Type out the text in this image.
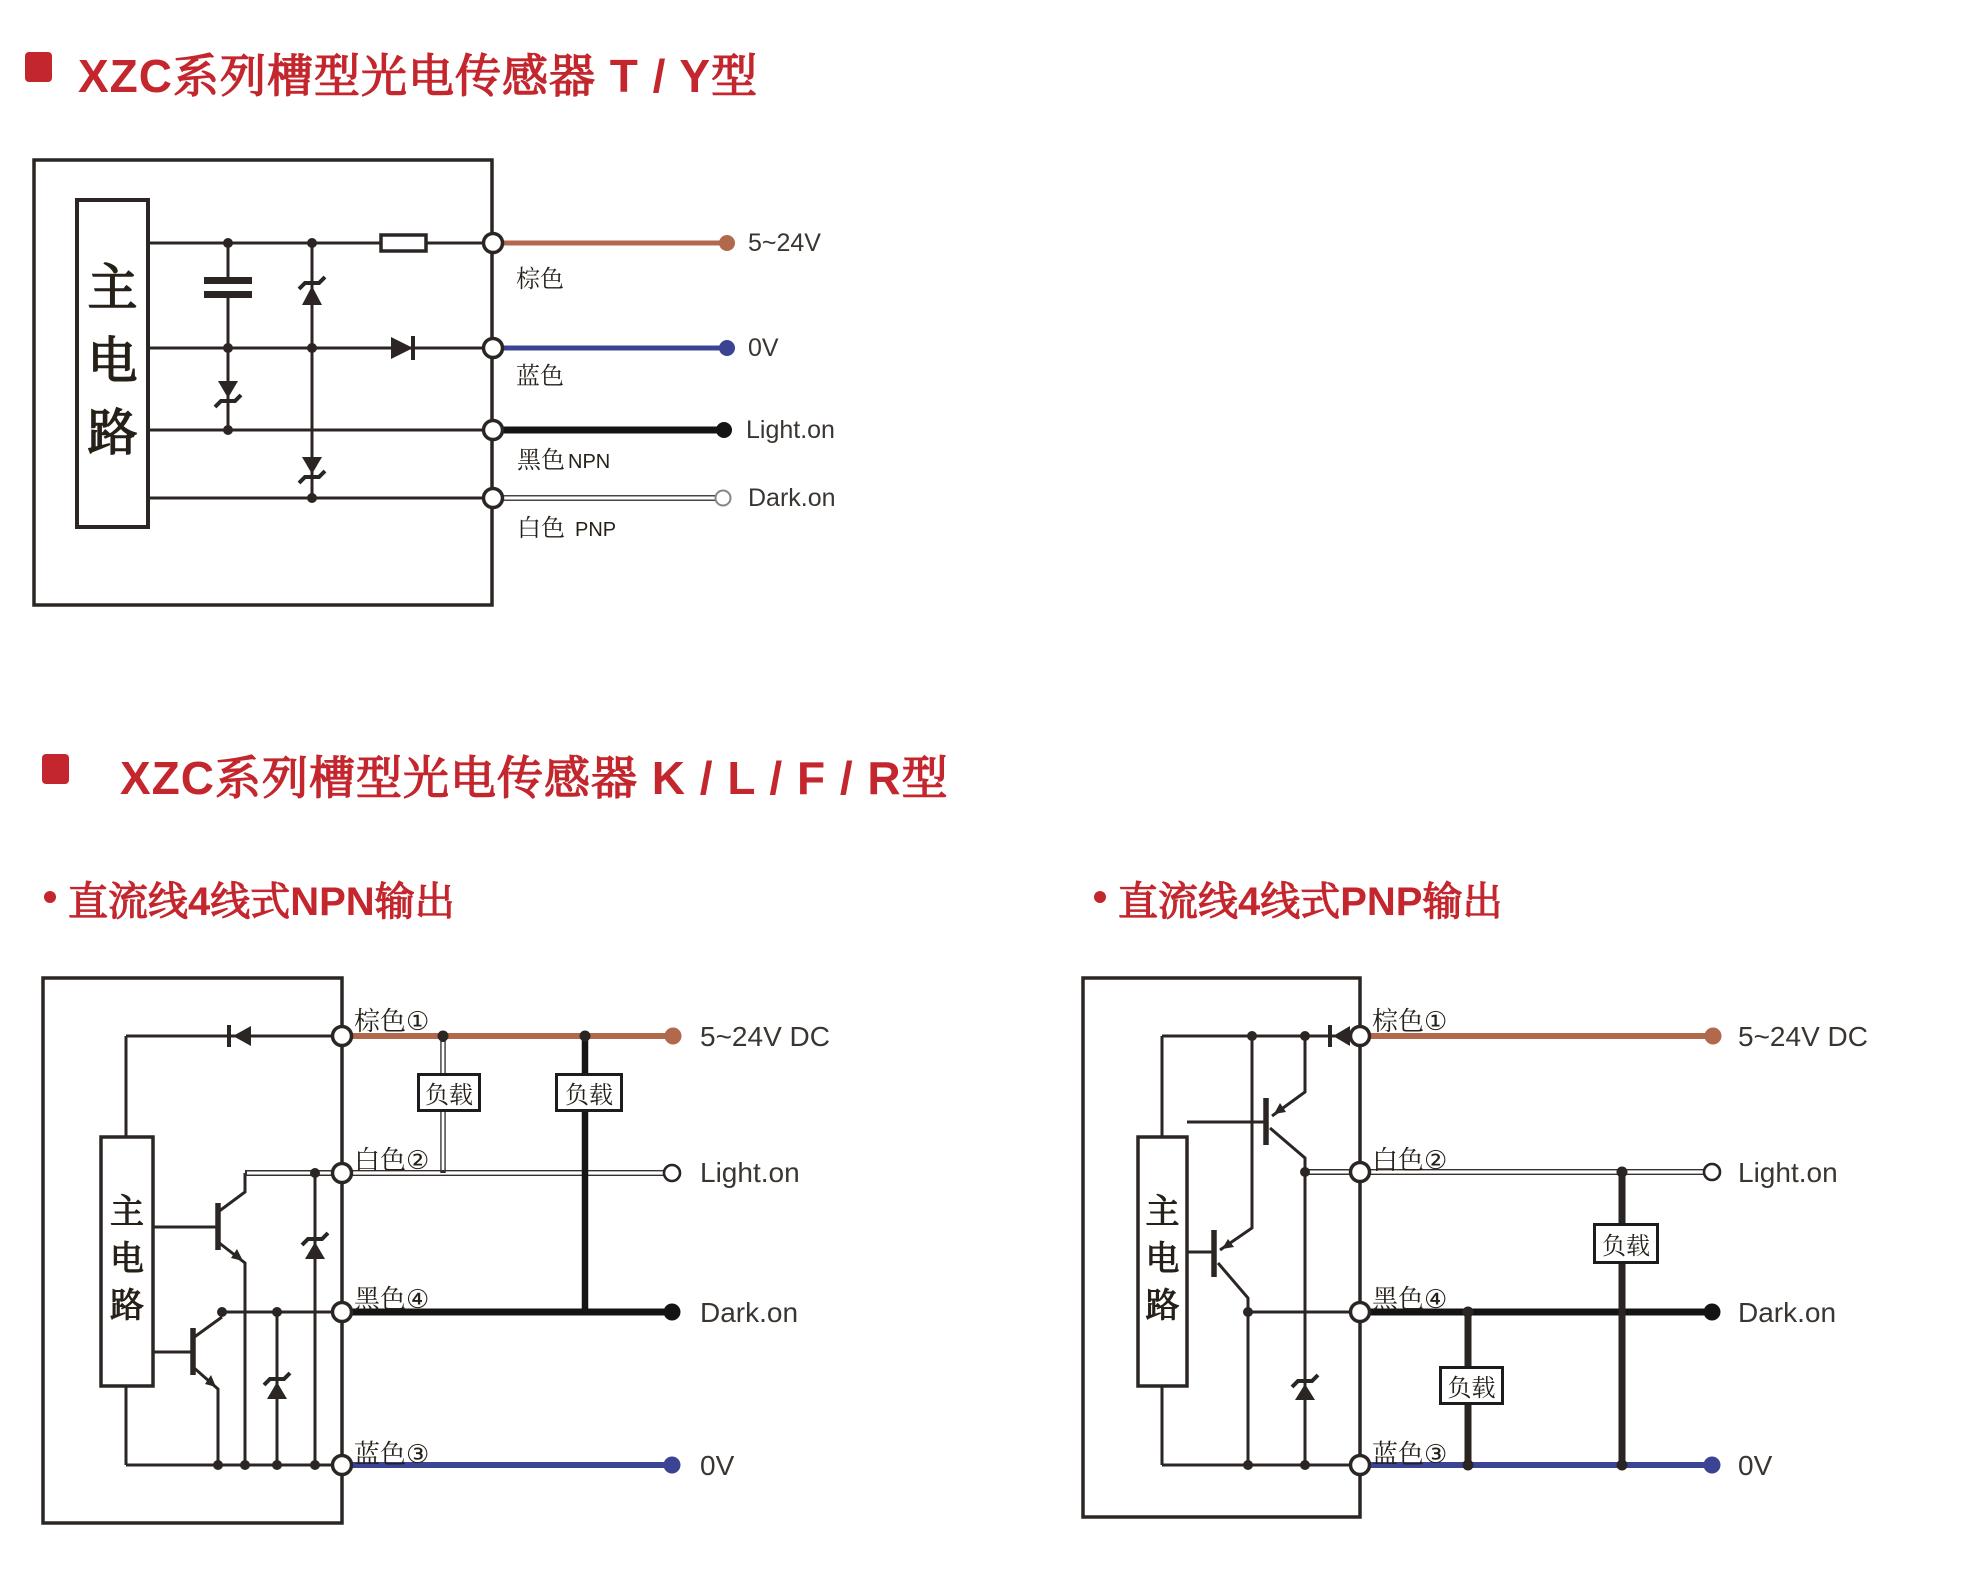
XZC系列槽型光电传感器 T / Y型
XZC系列槽型光电传感器 K / L / F / R型
直流线4线式NPN输出	直流线4线式PNP输出
主电路
棕色
蓝色
黑色 NPN
白色 PNP
5~24V
0V
Light.on
Dark.on
主电路
棕色①
白色②
黑色④
蓝色③
负载	负载
5~24V DC
Light.on
Dark.on
0V
主电路
棕色①
白色②
黑色④
蓝色③
负载
负载
5~24V DC
Light.on
Dark.on
0V
